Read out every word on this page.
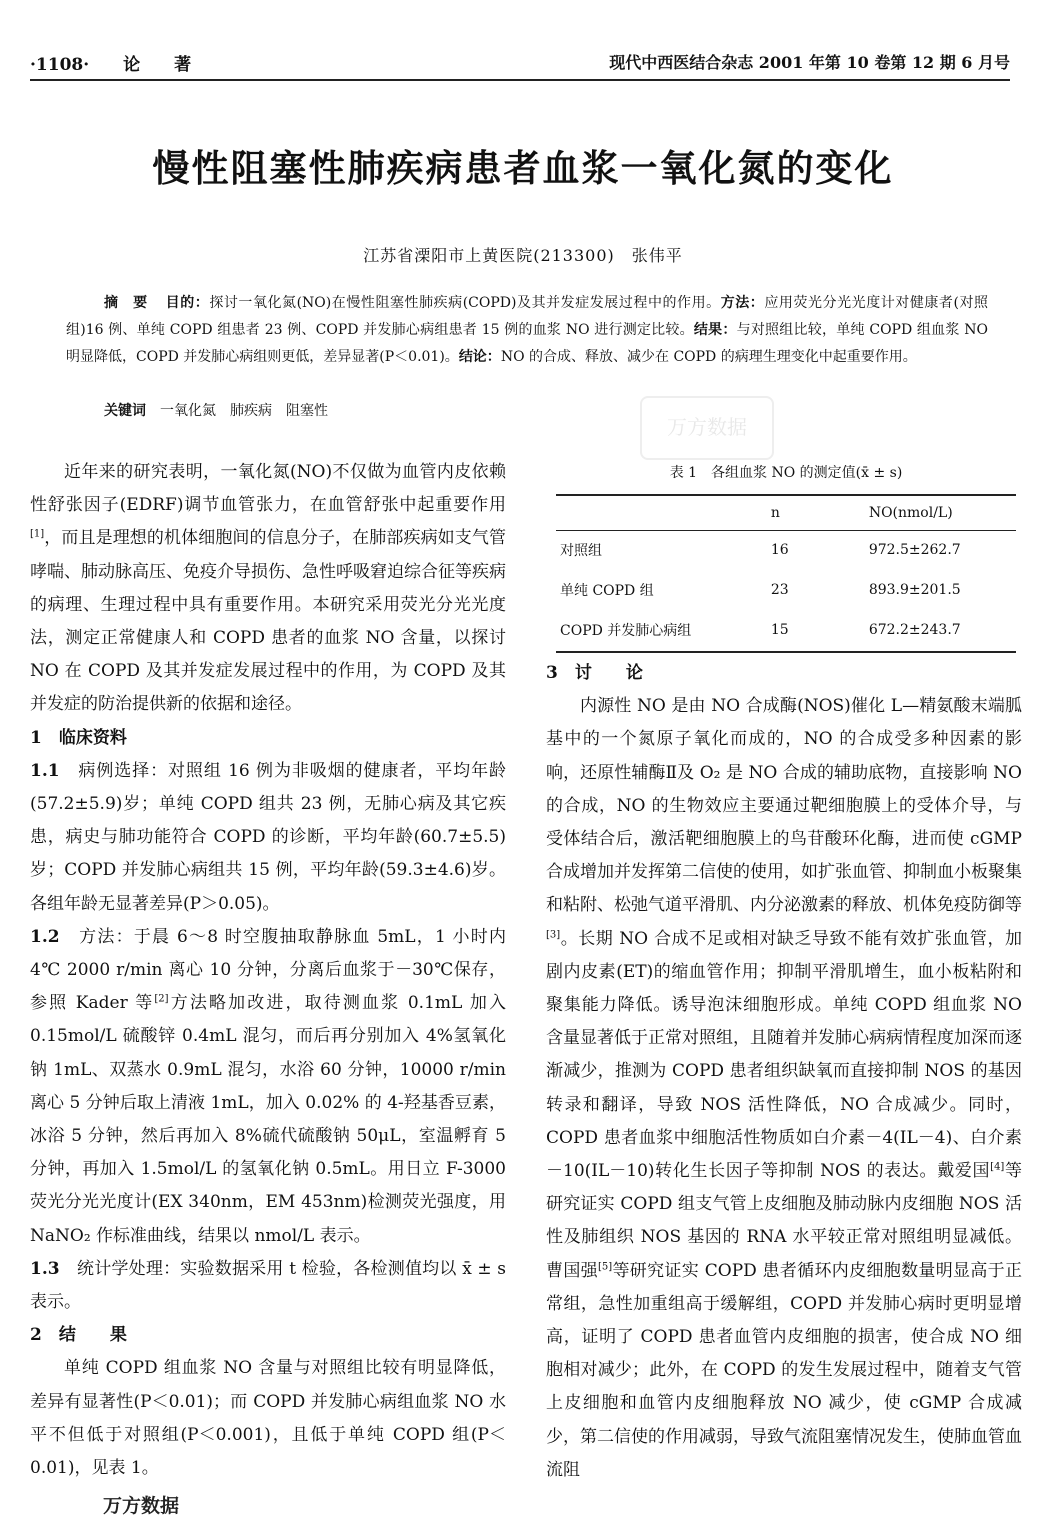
·1108· 论　　著	现代中西医结合杂志 2001 年第 10 卷第 12 期 6 月号
慢性阻塞性肺疾病患者血浆一氧化氮的变化
江苏省溧阳市上黄医院(213300)　张伟平
摘　要 目的：探讨一氧化氮(NO)在慢性阻塞性肺疾病(COPD)及其并发症发展过程中的作用。方法：应用荧光分光光度计对健康者(对照组)16 例、单纯 COPD 组患者 23 例、COPD 并发肺心病组患者 15 例的血浆 NO 进行测定比较。结果：与对照组比较，单纯 COPD 组血浆 NO 明显降低，COPD 并发肺心病组则更低，差异显著(P＜0.01)。结论：NO 的合成、释放、减少在 COPD 的病理生理变化中起重要作用。
关键词 一氧化氮　肺疾病　阻塞性
万方数据

近年来的研究表明，一氧化氮(NO)不仅做为血管内皮依赖性舒张因子(EDRF)调节血管张力，在血管舒张中起重要作用[1]，而且是理想的机体细胞间的信息分子，在肺部疾病如支气管哮喘、肺动脉高压、免疫介导损伤、急性呼吸窘迫综合征等疾病的病理、生理过程中具有重要作用。本研究采用荧光分光光度法，测定正常健康人和 COPD 患者的血浆 NO 含量，以探讨 NO 在 COPD 及其并发症发展过程中的作用，为 COPD 及其并发症的防治提供新的依据和途径。

1　临床资料

1.1　 病例选择：对照组 16 例为非吸烟的健康者，平均年龄(57.2±5.9)岁；单纯 COPD 组共 23 例，无肺心病及其它疾患，病史与肺功能符合 COPD 的诊断，平均年龄(60.7±5.5)岁；COPD 并发肺心病组共 15 例，平均年龄(59.3±4.6)岁。各组年龄无显著差异(P＞0.05)。

1.2　 方法：于晨 6～8 时空腹抽取静脉血 5mL，1 小时内 4℃ 2000 r/min 离心 10 分钟，分离后血浆于－30℃保存，参照 Kader 等[2]方法略加改进，取待测血浆 0.1mL 加入 0.15mol/L 硫酸锌 0.4mL 混匀，而后再分别加入 4%氢氧化钠 1mL、双蒸水 0.9mL 混匀，水浴 60 分钟，10000 r/min 离心 5 分钟后取上清液 1mL，加入 0.02% 的 4-羟基香豆素，冰浴 5 分钟，然后再加入 8%硫代硫酸钠 50μL，室温孵育 5 分钟，再加入 1.5mol/L 的氢氧化钠 0.5mL。用日立 F-3000 荧光分光光度计(EX 340nm，EM 453nm)检测荧光强度，用 NaNO₂ 作标准曲线，结果以 nmol/L 表示。

1.3　 统计学处理：实验数据采用 t 检验，各检测值均以 x̄ ± s 表示。

2　结　　果

单纯 COPD 组血浆 NO 含量与对照组比较有明显降低，差异有显著性(P＜0.01)；而 COPD 并发肺心病组血浆 NO 水平不但低于对照组(P＜0.001)，且低于单纯 COPD 组(P＜0.01)，见表 1。

表 1　各组血浆 NO 的测定值(x̄ ± s)
	n	NO(nmol/L)
对照组	16	972.5±262.7
单纯 COPD 组	23	893.9±201.5
COPD 并发肺心病组	15	672.2±243.7

3　讨　　论

内源性 NO 是由 NO 合成酶(NOS)催化 L—精氨酸末端胍基中的一个氮原子氧化而成的，NO 的合成受多种因素的影响，还原性辅酶Ⅱ及 O₂ 是 NO 合成的辅助底物，直接影响 NO 的合成，NO 的生物效应主要通过靶细胞膜上的受体介导，与受体结合后，激活靶细胞膜上的鸟苷酸环化酶，进而使 cGMP 合成增加并发挥第二信使的使用，如扩张血管、抑制血小板聚集和粘附、松弛气道平滑肌、内分泌激素的释放、机体免疫防御等[3]。长期 NO 合成不足或相对缺乏导致不能有效扩张血管，加剧内皮素(ET)的缩血管作用；抑制平滑肌增生，血小板粘附和聚集能力降低。诱导泡沫细胞形成。单纯 COPD 组血浆 NO 含量显著低于正常对照组，且随着并发肺心病病情程度加深而逐渐减少，推测为 COPD 患者组织缺氧而直接抑制 NOS 的基因转录和翻译，导致 NOS 活性降低，NO 合成减少。同时，COPD 患者血浆中细胞活性物质如白介素－4(IL－4)、白介素－10(IL－10)转化生长因子等抑制 NOS 的表达。戴爱国[4]等研究证实 COPD 组支气管上皮细胞及肺动脉内皮细胞 NOS 活性及肺组织 NOS 基因的 RNA 水平较正常对照组明显减低。曹国强[5]等研究证实 COPD 患者循环内皮细胞数量明显高于正常组，急性加重组高于缓解组，COPD 并发肺心病时更明显增高，证明了 COPD 患者血管内皮细胞的损害，使合成 NO 细胞相对减少；此外，在 COPD 的发生发展过程中，随着支气管上皮细胞和血管内皮细胞释放 NO 减少，使 cGMP 合成减少，第二信使的作用减弱，导致气流阻塞情况发生，使肺血管血流阻

万方数据
